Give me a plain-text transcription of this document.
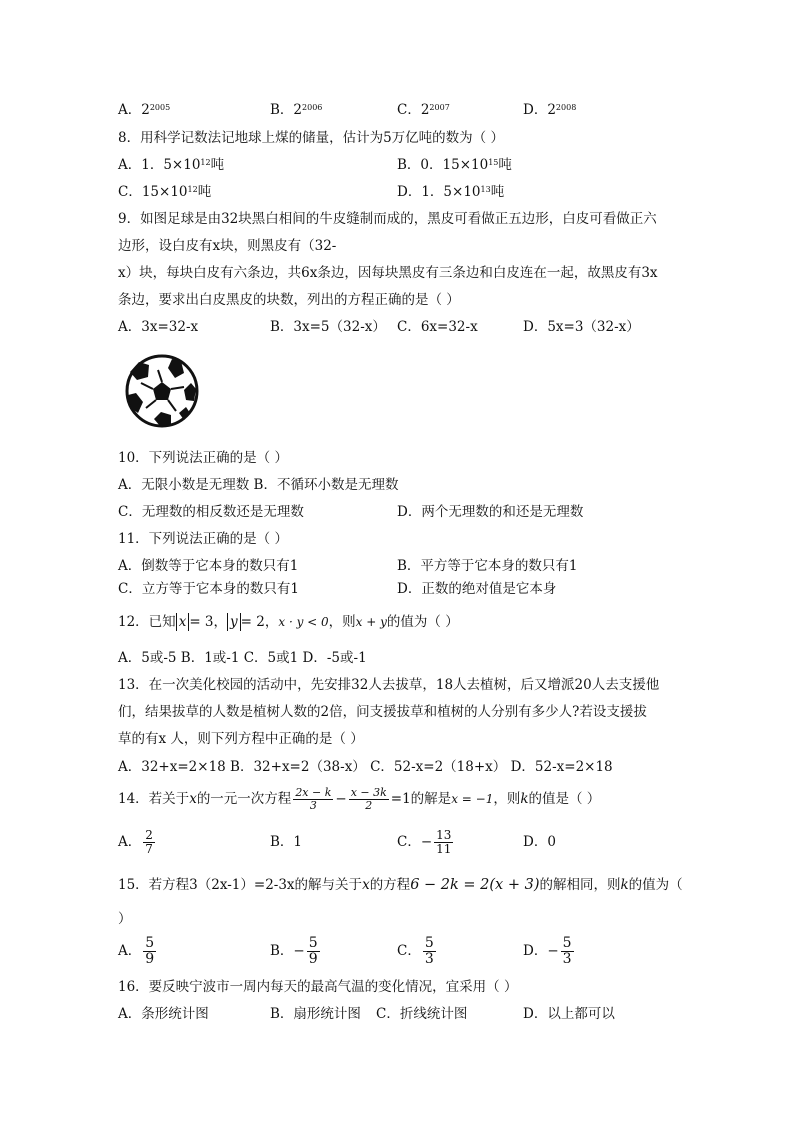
A．$2^{2005}$	B．$2^{2006}$	C．$2^{2007}$	D．$2^{2008}$
8．用科学记数法记地球上煤的储量，估计为5万亿吨的数为（ ）
A．1．$5\times 10^{12}$吨	B．0．$15\times 10^{15}$吨
C．$15\times 10^{12}$吨	D．1．$5\times 10^{13}$吨
9．如图足球是由32块黑白相间的牛皮缝制而成的，黑皮可看做正五边形，白皮可看做正六
边形，设白皮有x块，则黑皮有（32-
x）块，每块白皮有六条边，共6x条边，因每块黑皮有三条边和白皮连在一起，故黑皮有3x
条边，要求出白皮黑皮的块数，列出的方程正确的是（ ）
A．3x=32-x	B．3x=5（32-x） C．6x=32-x	D．5x=3（32-x）
10．下列说法正确的是（ ）
A．无限小数是无理数 B．不循环小数是无理数
C．无理数的相反数还是无理数	D．两个无理数的和还是无理数
11．下列说法正确的是（ ）
A．倒数等于它本身的数只有1	B．平方等于它本身的数只有1
C．立方等于它本身的数只有1	D．正数的绝对值是它本身
12．已知 x = 3， y = 2，x · y < 0，则x + y的值为（ ）
A．5或-5 B．1或-1 C．5或1 D．-5或-1
13．在一次美化校园的活动中，先安排32人去拔草，18人去植树，后又增派20人去支援他
们，结果拔草的人数是植树人数的2倍，问支援拔草和植树的人分别有多少人?若设支援拔
草的有x 人，则下列方程中正确的是（ ）
A．32+x=2×18 B．32+x=2（38-x） C．52-x=2（18+x） D．52-x=2×18
14．若关于x的一元一次方程 $\frac{2x - k}{3} - \frac{x - 3k}{2} =1$的解是x = −1，则k的值是（ ）
A． $\frac{2}{7}$	B．1	C．− $\frac{13}{11}$	D．0
15．若方程3（2x-1）=2-3x的解与关于x的方程6 − 2k = 2(x + 3)的解相同，则k的值为（
）
A． $\frac{5}{9}$	B．− $\frac{5}{9}$	C． $\frac{5}{3}$	D．− $\frac{5}{3}$
16．要反映宁波市一周内每天的最高气温的变化情况，宜采用（ ）
A．条形统计图	B．扇形统计图 C．折线统计图	D．以上都可以
